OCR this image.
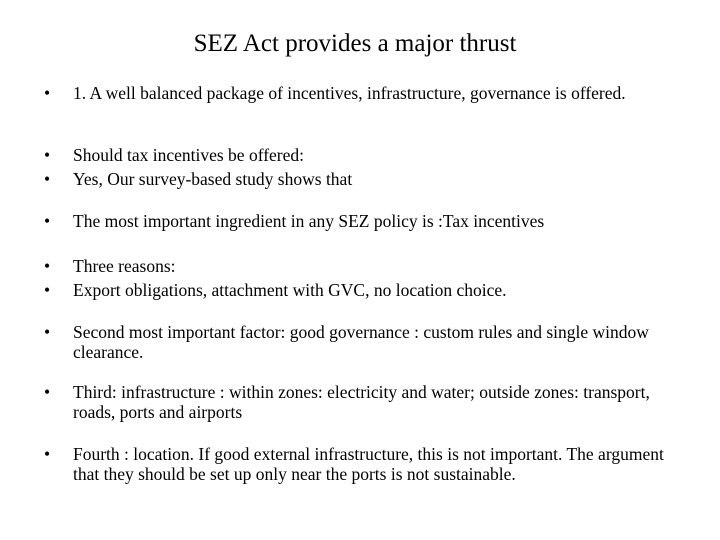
SEZ Act provides a major thrust
•	1. A well balanced package of incentives, infrastructure, governance is offered.
•	Should tax incentives be offered:
•	Yes, Our survey-based study shows that
•	The most important ingredient in any SEZ policy is :Tax incentives
•	Three reasons:
•	Export obligations, attachment with GVC, no location choice.
•	Second most important factor: good governance : custom rules and single window clearance.
•	Third: infrastructure : within zones: electricity and water; outside zones: transport, roads, ports and airports
•	Fourth : location. If good external infrastructure, this is not important. The argument that they should be set up only near the ports is not sustainable.
